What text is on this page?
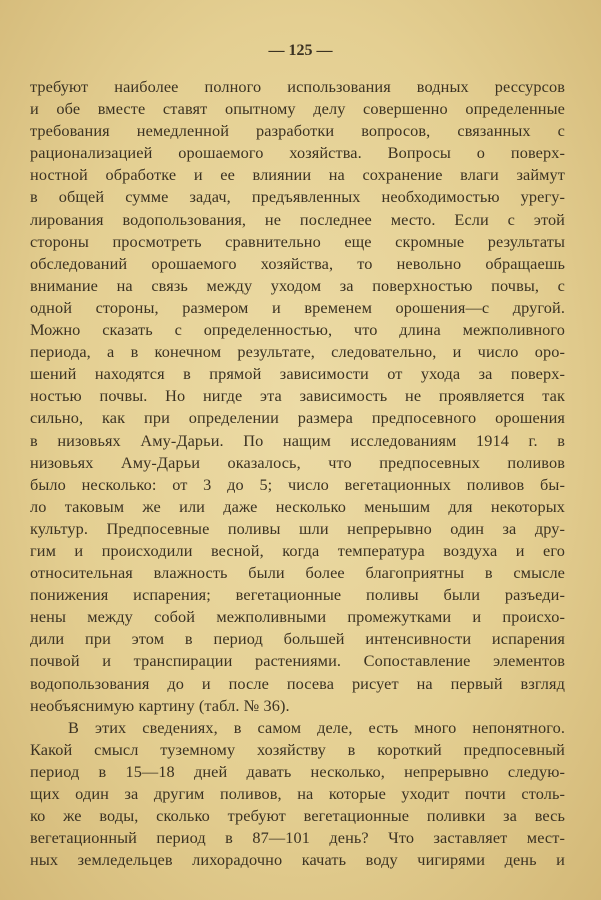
— 125 —
требуют наиболее полного использования водных рессурсов
и обе вместе ставят опытному делу совершенно определенные
требования немедленной разработки вопросов, связанных с
рационализацией орошаемого хозяйства. Вопросы о поверх-
ностной обработке и ее влиянии на сохранение влаги займут
в общей сумме задач, предъявленных необходимостью урегу-
лирования водопользования, не последнее место. Если с этой
стороны просмотреть сравнительно еще скромные результаты
обследований орошаемого хозяйства, то невольно обращаешь
внимание на связь между уходом за поверхностью почвы, с
одной стороны, размером и временем орошения—с другой.
Можно сказать с определенностью, что длина межполивного
периода, а в конечном результате, следовательно, и число оро-
шений находятся в прямой зависимости от ухода за поверх-
ностью почвы. Но нигде эта зависимость не проявляется так
сильно, как при определении размера предпосевного орошения
в низовьях Аму-Дарьи. По нащим исследованиям 1914 г. в
низовьях Аму-Дарьи оказалось, что предпосевных поливов
было несколько: от 3 до 5; число вегетационных поливов бы-
ло таковым же или даже несколько меньшим для некоторых
культур. Предпосевные поливы шли непрерывно один за дру-
гим и происходили весной, когда температура воздуха и его
относительная влажность были более благоприятны в смысле
понижения испарения; вегетационные поливы были разъеди-
нены между собой межполивными промежутками и происхо-
дили при этом в период большей интенсивности испарения
почвой и транспирации растениями. Сопоставление элементов
водопользования до и после посева рисует на первый взгляд
необъяснимую картину (табл. № 36).
В этих сведениях, в самом деле, есть много непонятного.
Какой смысл туземному хозяйству в короткий предпосевный
период в 15—18 дней давать несколько, непрерывно следую-
щих один за другим поливов, на которые уходит почти столь-
ко же воды, сколько требуют вегетационные поливки за весь
вегетационный период в 87—101 день? Что заставляет мест-
ных земледельцев лихорадочно качать воду чигирями день и
